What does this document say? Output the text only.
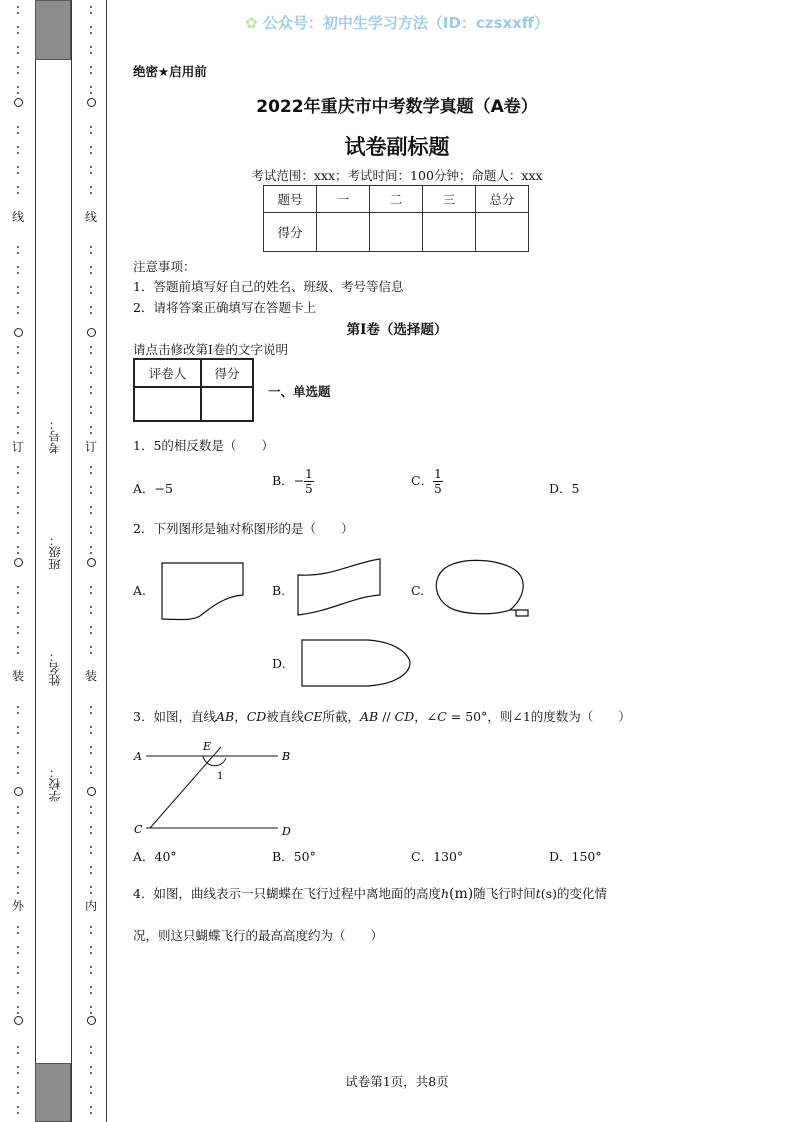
线
订
装
外
线
订
装
内
考号：
班级：
姓名：
学校：
✿ 公众号：初中生学习方法（ID：czsxxff）
绝密★启用前
2022年重庆市中考数学真题（A卷）
试卷副标题
考试范围：xxx；考试时间：100分钟；命题人：xxx
题号	一	二	三	总分
得分				
注意事项：
1．答题前填写好自己的姓名、班级、考号等信息
2．请将答案正确填写在答题卡上
第I卷（选择题）
请点击修改第I卷的文字说明
评卷人	得分

一、单选题
1．5的相反数是（　　）
A．−5
B．− $\frac{1}{5}$	C． $\frac{1}{5}$	D．5
2．下列图形是轴对称图形的是（　　）
A.	B.	C.
D.
3．如图，直线AB，CD被直线CE所截，AB // CD，∠C = 50°，则∠1的度数为（　　）
A
E
B
1
C	D
A．40°	B．50°	C．130°	D．150°
4．如图，曲线表示一只蝴蝶在飞行过程中离地面的高度h(m)随飞行时间t(s)的变化情
况，则这只蝴蝶飞行的最高高度约为（　　）
试卷第1页，共8页
